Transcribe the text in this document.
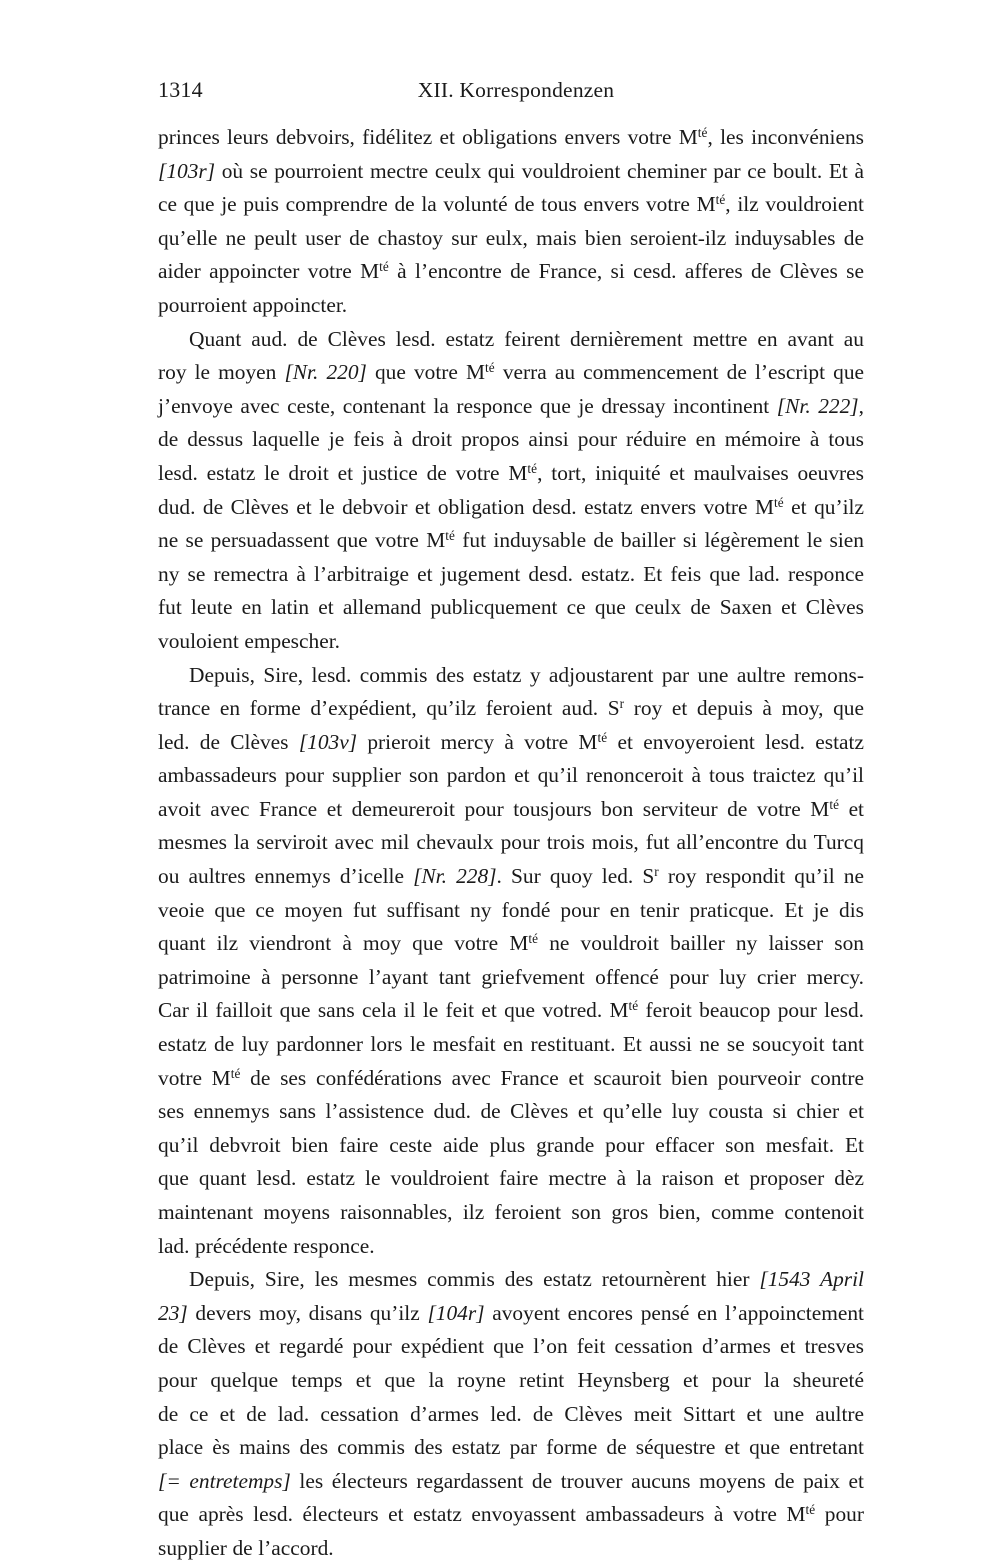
1314	XII. Korrespondenzen

princes leurs debvoirs, fidélitez et obligations envers votre $M^{té}$, les inconvéniens
[103r] où se pourroient mectre ceulx qui vouldroient cheminer par ce boult. Et à
ce que je puis comprendre de la volunté de tous envers votre $M^{té}$, ilz vouldroient
qu’elle ne peult user de chastoy sur eulx, mais bien seroient-ilz induysables de
aider appoincter votre $M^{té}$ à l’encontre de France, si cesd. afferes de Clèves se
pourroient appoincter.

Quant aud. de Clèves lesd. estatz feirent dernièrement mettre en avant au
roy le moyen [Nr. 220] que votre $M^{té}$ verra au commencement de l’escript que
j’envoye avec ceste, contenant la responce que je dressay incontinent [Nr. 222],
de dessus laquelle je feis à droit propos ainsi pour réduire en mémoire à tous
lesd. estatz le droit et justice de votre $M^{té}$, tort, iniquité et maulvaises oeuvres
dud. de Clèves et le debvoir et obligation desd. estatz envers votre $M^{té}$ et qu’ilz
ne se persuadassent que votre $M^{té}$ fut induysable de bailler si légèrement le sien
ny se remectra à l’arbitraige et jugement desd. estatz. Et feis que lad. responce
fut leute en latin et allemand publicquement ce que ceulx de Saxen et Clèves
vouloient empescher.

Depuis, Sire, lesd. commis des estatz y adjoustarent par une aultre remons-
trance en forme d’expédient, qu’ilz feroient aud. $S^r$ roy et depuis à moy, que
led. de Clèves [103v] prieroit mercy à votre $M^{té}$ et envoyeroient lesd. estatz
ambassadeurs pour supplier son pardon et qu’il renonceroit à tous traictez qu’il
avoit avec France et demeureroit pour tousjours bon serviteur de votre $M^{té}$ et
mesmes la serviroit avec mil chevaulx pour trois mois, fut all’encontre du Turcq
ou aultres ennemys d’icelle [Nr. 228]. Sur quoy led. $S^r$ roy respondit qu’il ne
veoie que ce moyen fut suffisant ny fondé pour en tenir praticque. Et je dis
quant ilz viendront à moy que votre $M^{té}$ ne vouldroit bailler ny laisser son
patrimoine à personne l’ayant tant griefvement offencé pour luy crier mercy.
Car il failloit que sans cela il le feit et que votred. $M^{té}$ feroit beaucop pour lesd.
estatz de luy pardonner lors le mesfait en restituant. Et aussi ne se soucyoit tant
votre $M^{té}$ de ses confédérations avec France et scauroit bien pourveoir contre
ses ennemys sans l’assistence dud. de Clèves et qu’elle luy cousta si chier et
qu’il debvroit bien faire ceste aide plus grande pour effacer son mesfait. Et
que quant lesd. estatz le vouldroient faire mectre à la raison et proposer dèz
maintenant moyens raisonnables, ilz feroient son gros bien, comme contenoit
lad. précédente responce.

Depuis, Sire, les mesmes commis des estatz retournèrent hier [1543 April
23] devers moy, disans qu’ilz [104r] avoyent encores pensé en l’appoinctement
de Clèves et regardé pour expédient que l’on feit cessation d’armes et tresves
pour quelque temps et que la royne retint Heynsberg et pour la sheureté
de ce et de lad. cessation d’armes led. de Clèves meit Sittart et une aultre
place ès mains des commis des estatz par forme de séquestre et que entretant
[= entretemps] les électeurs regardassent de trouver aucuns moyens de paix et
que après lesd. électeurs et estatz envoyassent ambassadeurs à votre $M^{té}$ pour
supplier de l’accord.
